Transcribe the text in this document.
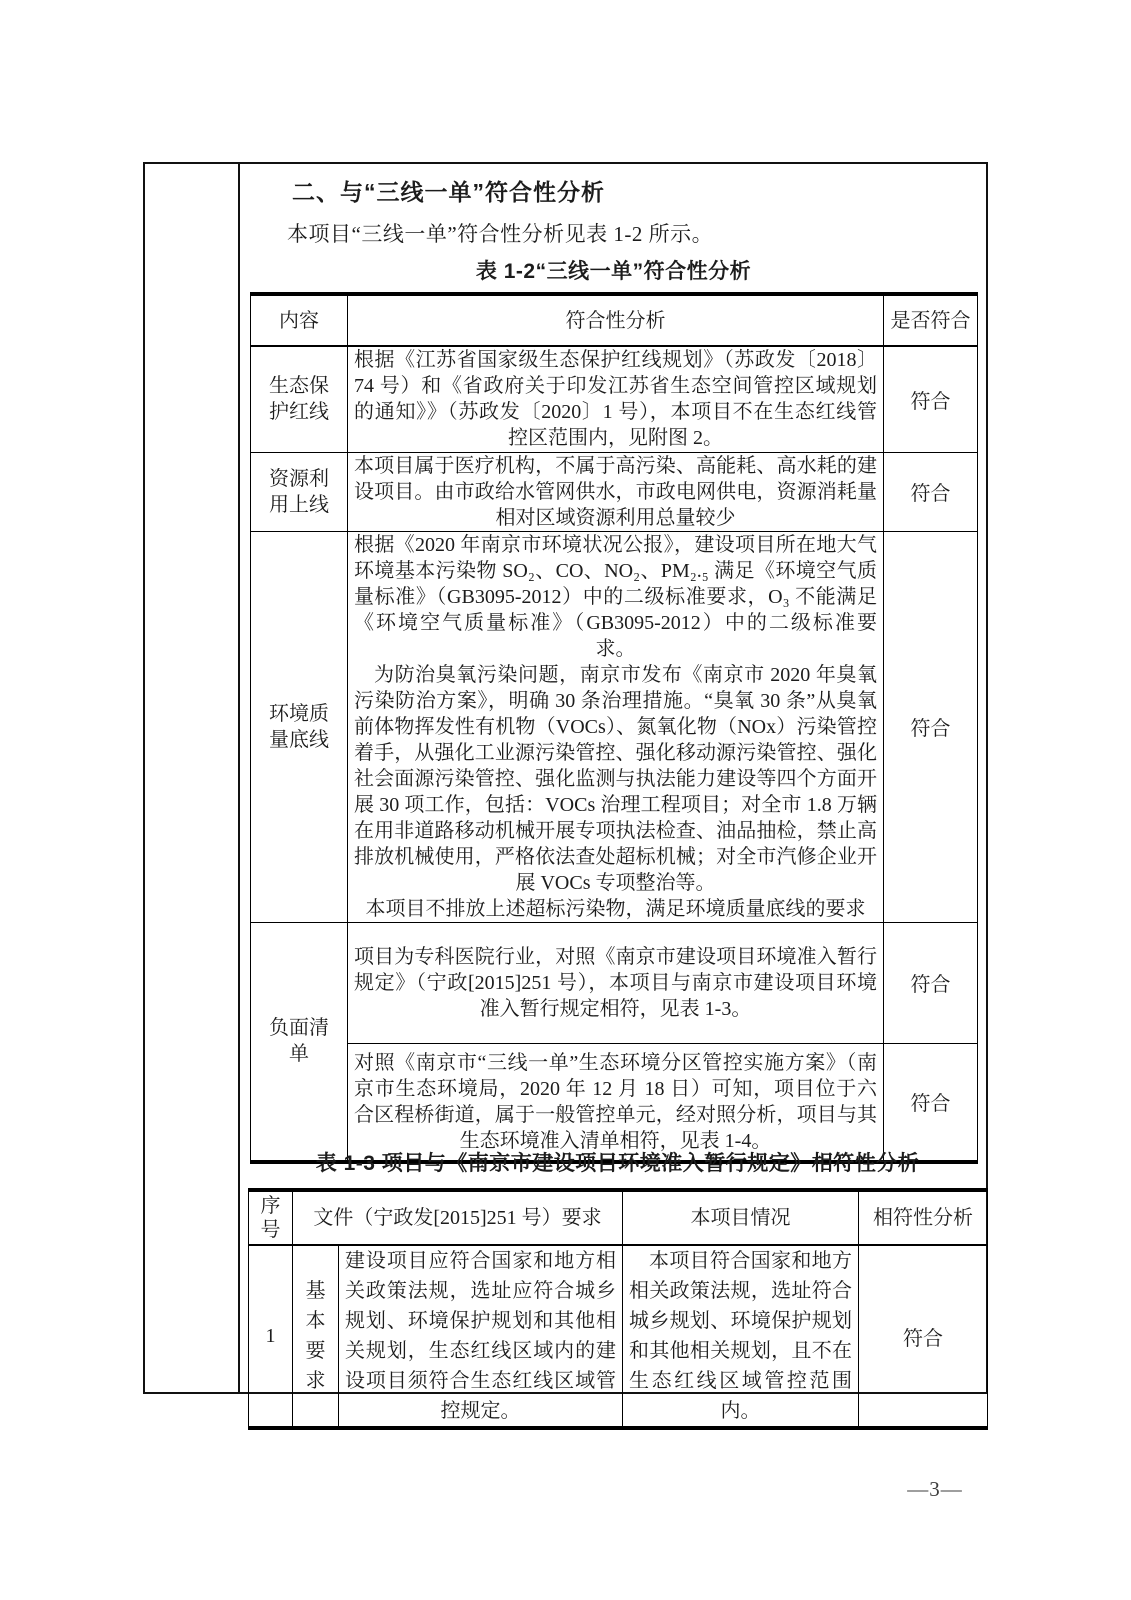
二、与“三线一单”符合性分析
本项目“三线一单”符合性分析见表 1-2 所示。
表 1-2“三线一单”符合性分析
内容	符合性分析	是否符合
生态保护红线	根据《江苏省国家级生态保护红线规划》（苏政发〔2018〕74 号）和《省政府关于印发江苏省生态空间管控区域规划的通知》》（苏政发〔2020〕1 号），本项目不在生态红线管控区范围内，见附图 2。	符合
资源利用上线	本项目属于医疗机构，不属于高污染、高能耗、高水耗的建设项目。由市政给水管网供水，市政电网供电，资源消耗量相对区域资源利用总量较少	符合
环境质量底线	根据《2020 年南京市环境状况公报》，建设项目所在地大气环境基本污染物 SO₂、CO、NO₂、PM₂.₅ 满足《环境空气质量标准》（GB3095-2012）中的二级标准要求，O₃ 不能满足《环境空气质量标准》（GB3095-2012）中的二级标准要求。

为防治臭氧污染问题，南京市发布《南京市 2020 年臭氧污染防治方案》，明确 30 条治理措施。“臭氧 30 条”从臭氧前体物挥发性有机物（VOCs）、氮氧化物（NOx）污染管控着手，从强化工业源污染管控、强化移动源污染管控、强化社会面源污染管控、强化监测与执法能力建设等四个方面开展 30 项工作，包括：VOCs 治理工程项目；对全市 1.8 万辆在用非道路移动机械开展专项执法检查、油品抽检，禁止高排放机械使用，严格依法查处超标机械；对全市汽修企业开展 VOCs 专项整治等。

本项目不排放上述超标污染物，满足环境质量底线的要求	符合
负面清单	项目为专科医院行业，对照《南京市建设项目环境准入暂行规定》（宁政[2015]251 号），本项目与南京市建设项目环境准入暂行规定相符，见表 1-3。	符合
	对照《南京市“三线一单”生态环境分区管控实施方案》（南京市生态环境局，2020 年 12 月 18 日）可知，项目位于六合区程桥街道，属于一般管控单元，经对照分析，项目与其生态环境准入清单相符，见表 1-4。	符合
表 1-3 项目与《南京市建设项目环境准入暂行规定》相符性分析
序号	文件（宁政发[2015]251 号）要求		本项目情况	相符性分析
1	基本要求	建设项目应符合国家和地方相关政策法规，选址应符合城乡规划、环境保护规划和其他相关规划，生态红线区域内的建设项目须符合生态红线区域管控规定。	本项目符合国家和地方相关政策法规，选址符合城乡规划、环境保护规划和其他相关规划，且不在生态红线区域管控范围内。	符合
—3—
